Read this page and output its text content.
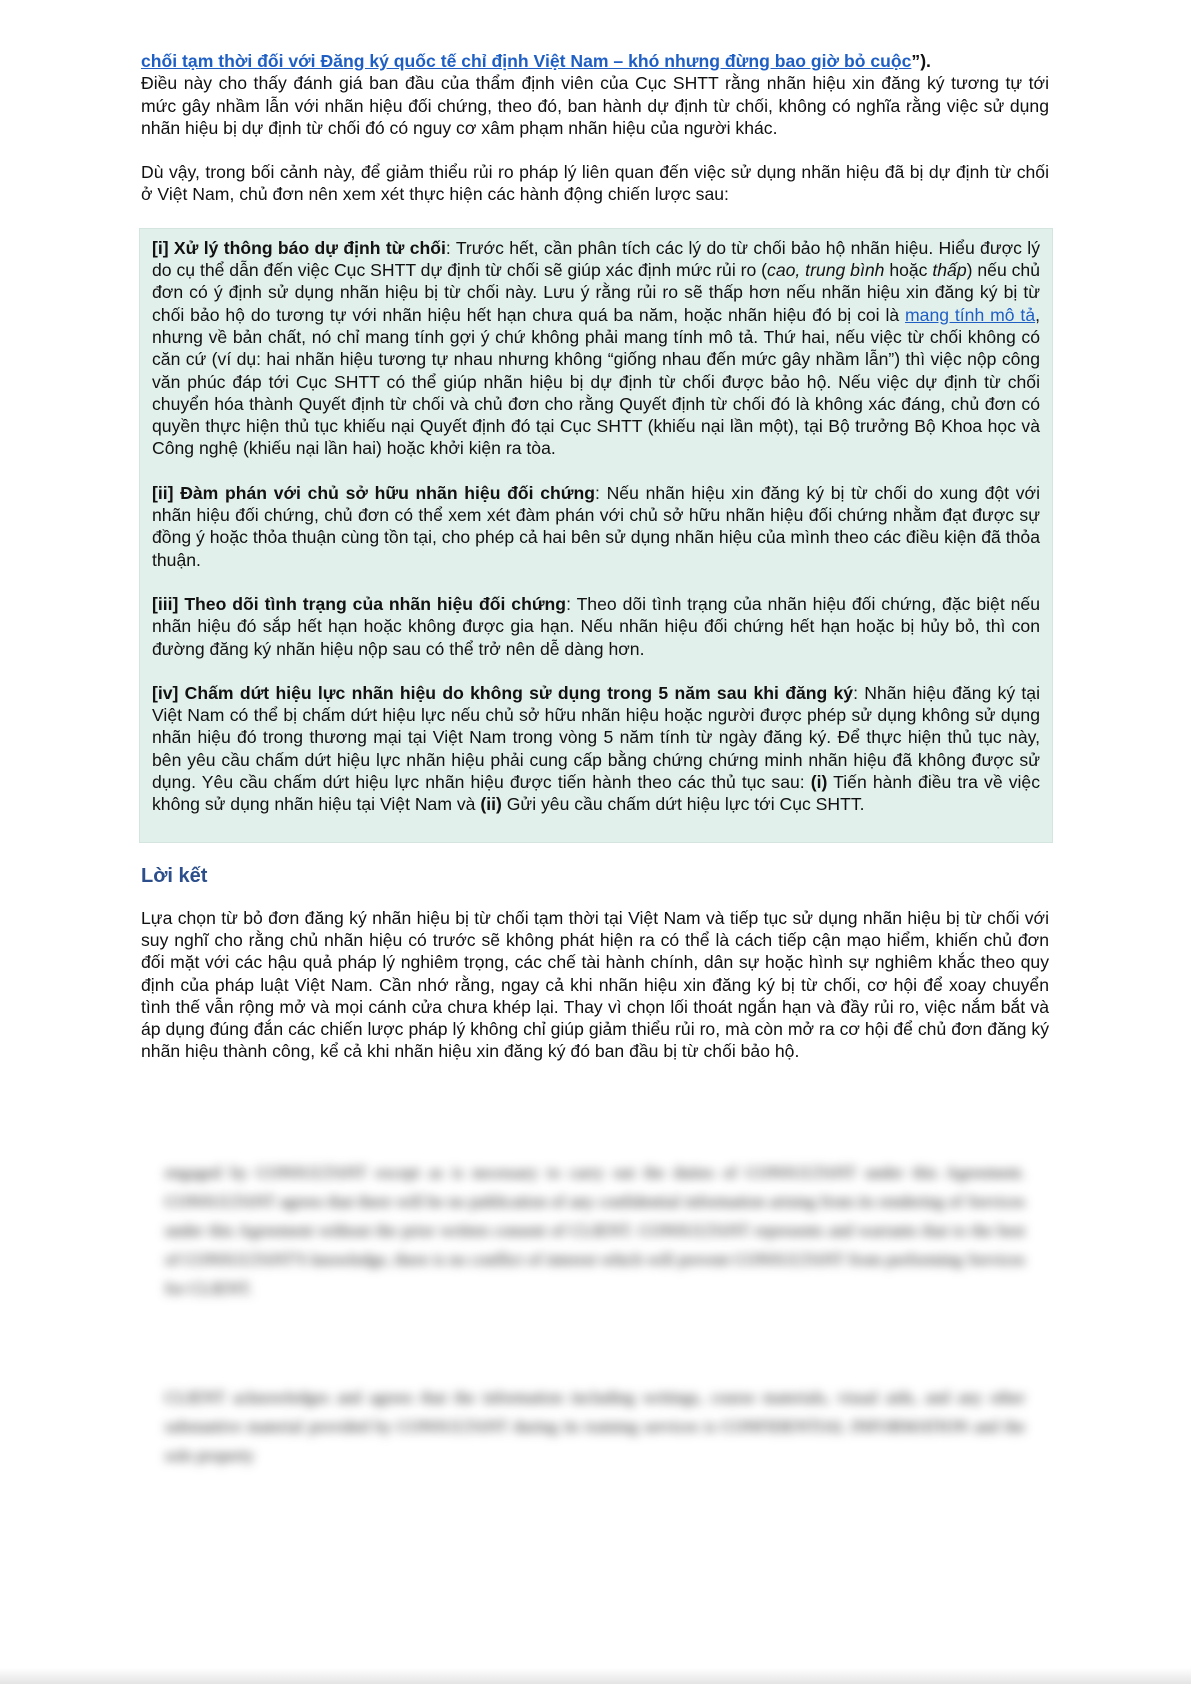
chối tạm thời đối với Đăng ký quốc tế chỉ định Việt Nam – khó nhưng đừng bao giờ bỏ cuộc”).
Điều này cho thấy đánh giá ban đầu của thẩm định viên của Cục SHTT rằng nhãn hiệu xin đăng ký tương tự tới mức gây nhầm lẫn với nhãn hiệu đối chứng, theo đó, ban hành dự định từ chối, không có nghĩa rằng việc sử dụng nhãn hiệu bị dự định từ chối đó có nguy cơ xâm phạm nhãn hiệu của người khác.

Dù vậy, trong bối cảnh này, để giảm thiểu rủi ro pháp lý liên quan đến việc sử dụng nhãn hiệu đã bị dự định từ chối ở Việt Nam, chủ đơn nên xem xét thực hiện các hành động chiến lược sau:

[i] Xử lý thông báo dự định từ chối: Trước hết, cần phân tích các lý do từ chối bảo hộ nhãn hiệu. Hiểu được lý do cụ thể dẫn đến việc Cục SHTT dự định từ chối sẽ giúp xác định mức rủi ro (cao, trung bình hoặc thấp) nếu chủ đơn có ý định sử dụng nhãn hiệu bị từ chối này. Lưu ý rằng rủi ro sẽ thấp hơn nếu nhãn hiệu xin đăng ký bị từ chối bảo hộ do tương tự với nhãn hiệu hết hạn chưa quá ba năm, hoặc nhãn hiệu đó bị coi là mang tính mô tả, nhưng về bản chất, nó chỉ mang tính gợi ý chứ không phải mang tính mô tả. Thứ hai, nếu việc từ chối không có căn cứ (ví dụ: hai nhãn hiệu tương tự nhau nhưng không “giống nhau đến mức gây nhầm lẫn”) thì việc nộp công văn phúc đáp tới Cục SHTT có thể giúp nhãn hiệu bị dự định từ chối được bảo hộ. Nếu việc dự định từ chối chuyển hóa thành Quyết định từ chối và chủ đơn cho rằng Quyết định từ chối đó là không xác đáng, chủ đơn có quyền thực hiện thủ tục khiếu nại Quyết định đó tại Cục SHTT (khiếu nại lần một), tại Bộ trưởng Bộ Khoa học và Công nghệ (khiếu nại lần hai) hoặc khởi kiện ra tòa.

[ii] Đàm phán với chủ sở hữu nhãn hiệu đối chứng: Nếu nhãn hiệu xin đăng ký bị từ chối do xung đột với nhãn hiệu đối chứng, chủ đơn có thể xem xét đàm phán với chủ sở hữu nhãn hiệu đối chứng nhằm đạt được sự đồng ý hoặc thỏa thuận cùng tồn tại, cho phép cả hai bên sử dụng nhãn hiệu của mình theo các điều kiện đã thỏa thuận.

[iii] Theo dõi tình trạng của nhãn hiệu đối chứng: Theo dõi tình trạng của nhãn hiệu đối chứng, đặc biệt nếu nhãn hiệu đó sắp hết hạn hoặc không được gia hạn. Nếu nhãn hiệu đối chứng hết hạn hoặc bị hủy bỏ, thì con đường đăng ký nhãn hiệu nộp sau có thể trở nên dễ dàng hơn.

[iv] Chấm dứt hiệu lực nhãn hiệu do không sử dụng trong 5 năm sau khi đăng ký: Nhãn hiệu đăng ký tại Việt Nam có thể bị chấm dứt hiệu lực nếu chủ sở hữu nhãn hiệu hoặc người được phép sử dụng không sử dụng nhãn hiệu đó trong thương mại tại Việt Nam trong vòng 5 năm tính từ ngày đăng ký. Để thực hiện thủ tục này, bên yêu cầu chấm dứt hiệu lực nhãn hiệu phải cung cấp bằng chứng chứng minh nhãn hiệu đã không được sử dụng. Yêu cầu chấm dứt hiệu lực nhãn hiệu được tiến hành theo các thủ tục sau: (i) Tiến hành điều tra về việc không sử dụng nhãn hiệu tại Việt Nam và (ii) Gửi yêu cầu chấm dứt hiệu lực tới Cục SHTT.

Lời kết

Lựa chọn từ bỏ đơn đăng ký nhãn hiệu bị từ chối tạm thời tại Việt Nam và tiếp tục sử dụng nhãn hiệu bị từ chối với suy nghĩ cho rằng chủ nhãn hiệu có trước sẽ không phát hiện ra có thể là cách tiếp cận mạo hiểm, khiến chủ đơn đối mặt với các hậu quả pháp lý nghiêm trọng, các chế tài hành chính, dân sự hoặc hình sự nghiêm khắc theo quy định của pháp luật Việt Nam. Cần nhớ rằng, ngay cả khi nhãn hiệu xin đăng ký bị từ chối, cơ hội để xoay chuyển tình thế vẫn rộng mở và mọi cánh cửa chưa khép lại. Thay vì chọn lối thoát ngắn hạn và đầy rủi ro, việc nắm bắt và áp dụng đúng đắn các chiến lược pháp lý không chỉ giúp giảm thiểu rủi ro, mà còn mở ra cơ hội để chủ đơn đăng ký nhãn hiệu thành công, kể cả khi nhãn hiệu xin đăng ký đó ban đầu bị từ chối bảo hộ.

engaged by CONSULTANT except as is necessary to carry out the duties of CONSULTANT under this Agreement. CONSULTANT agrees that there will be no publication of any confidential information arising from its rendering of Services under this Agreement without the prior written consent of CLIENT. CONSULTANT represents and warrants that to the best of CONSULTANT'S knowledge, there is no conflict of interest which will prevent CONSULTANT from performing Services for CLIENT.
CLIENT acknowledges and agrees that the information including writings, course materials, visual aids, and any other substantive material provided by CONSULTANT during its training services is CONFIDENTIAL INFORMATION and the sole property
